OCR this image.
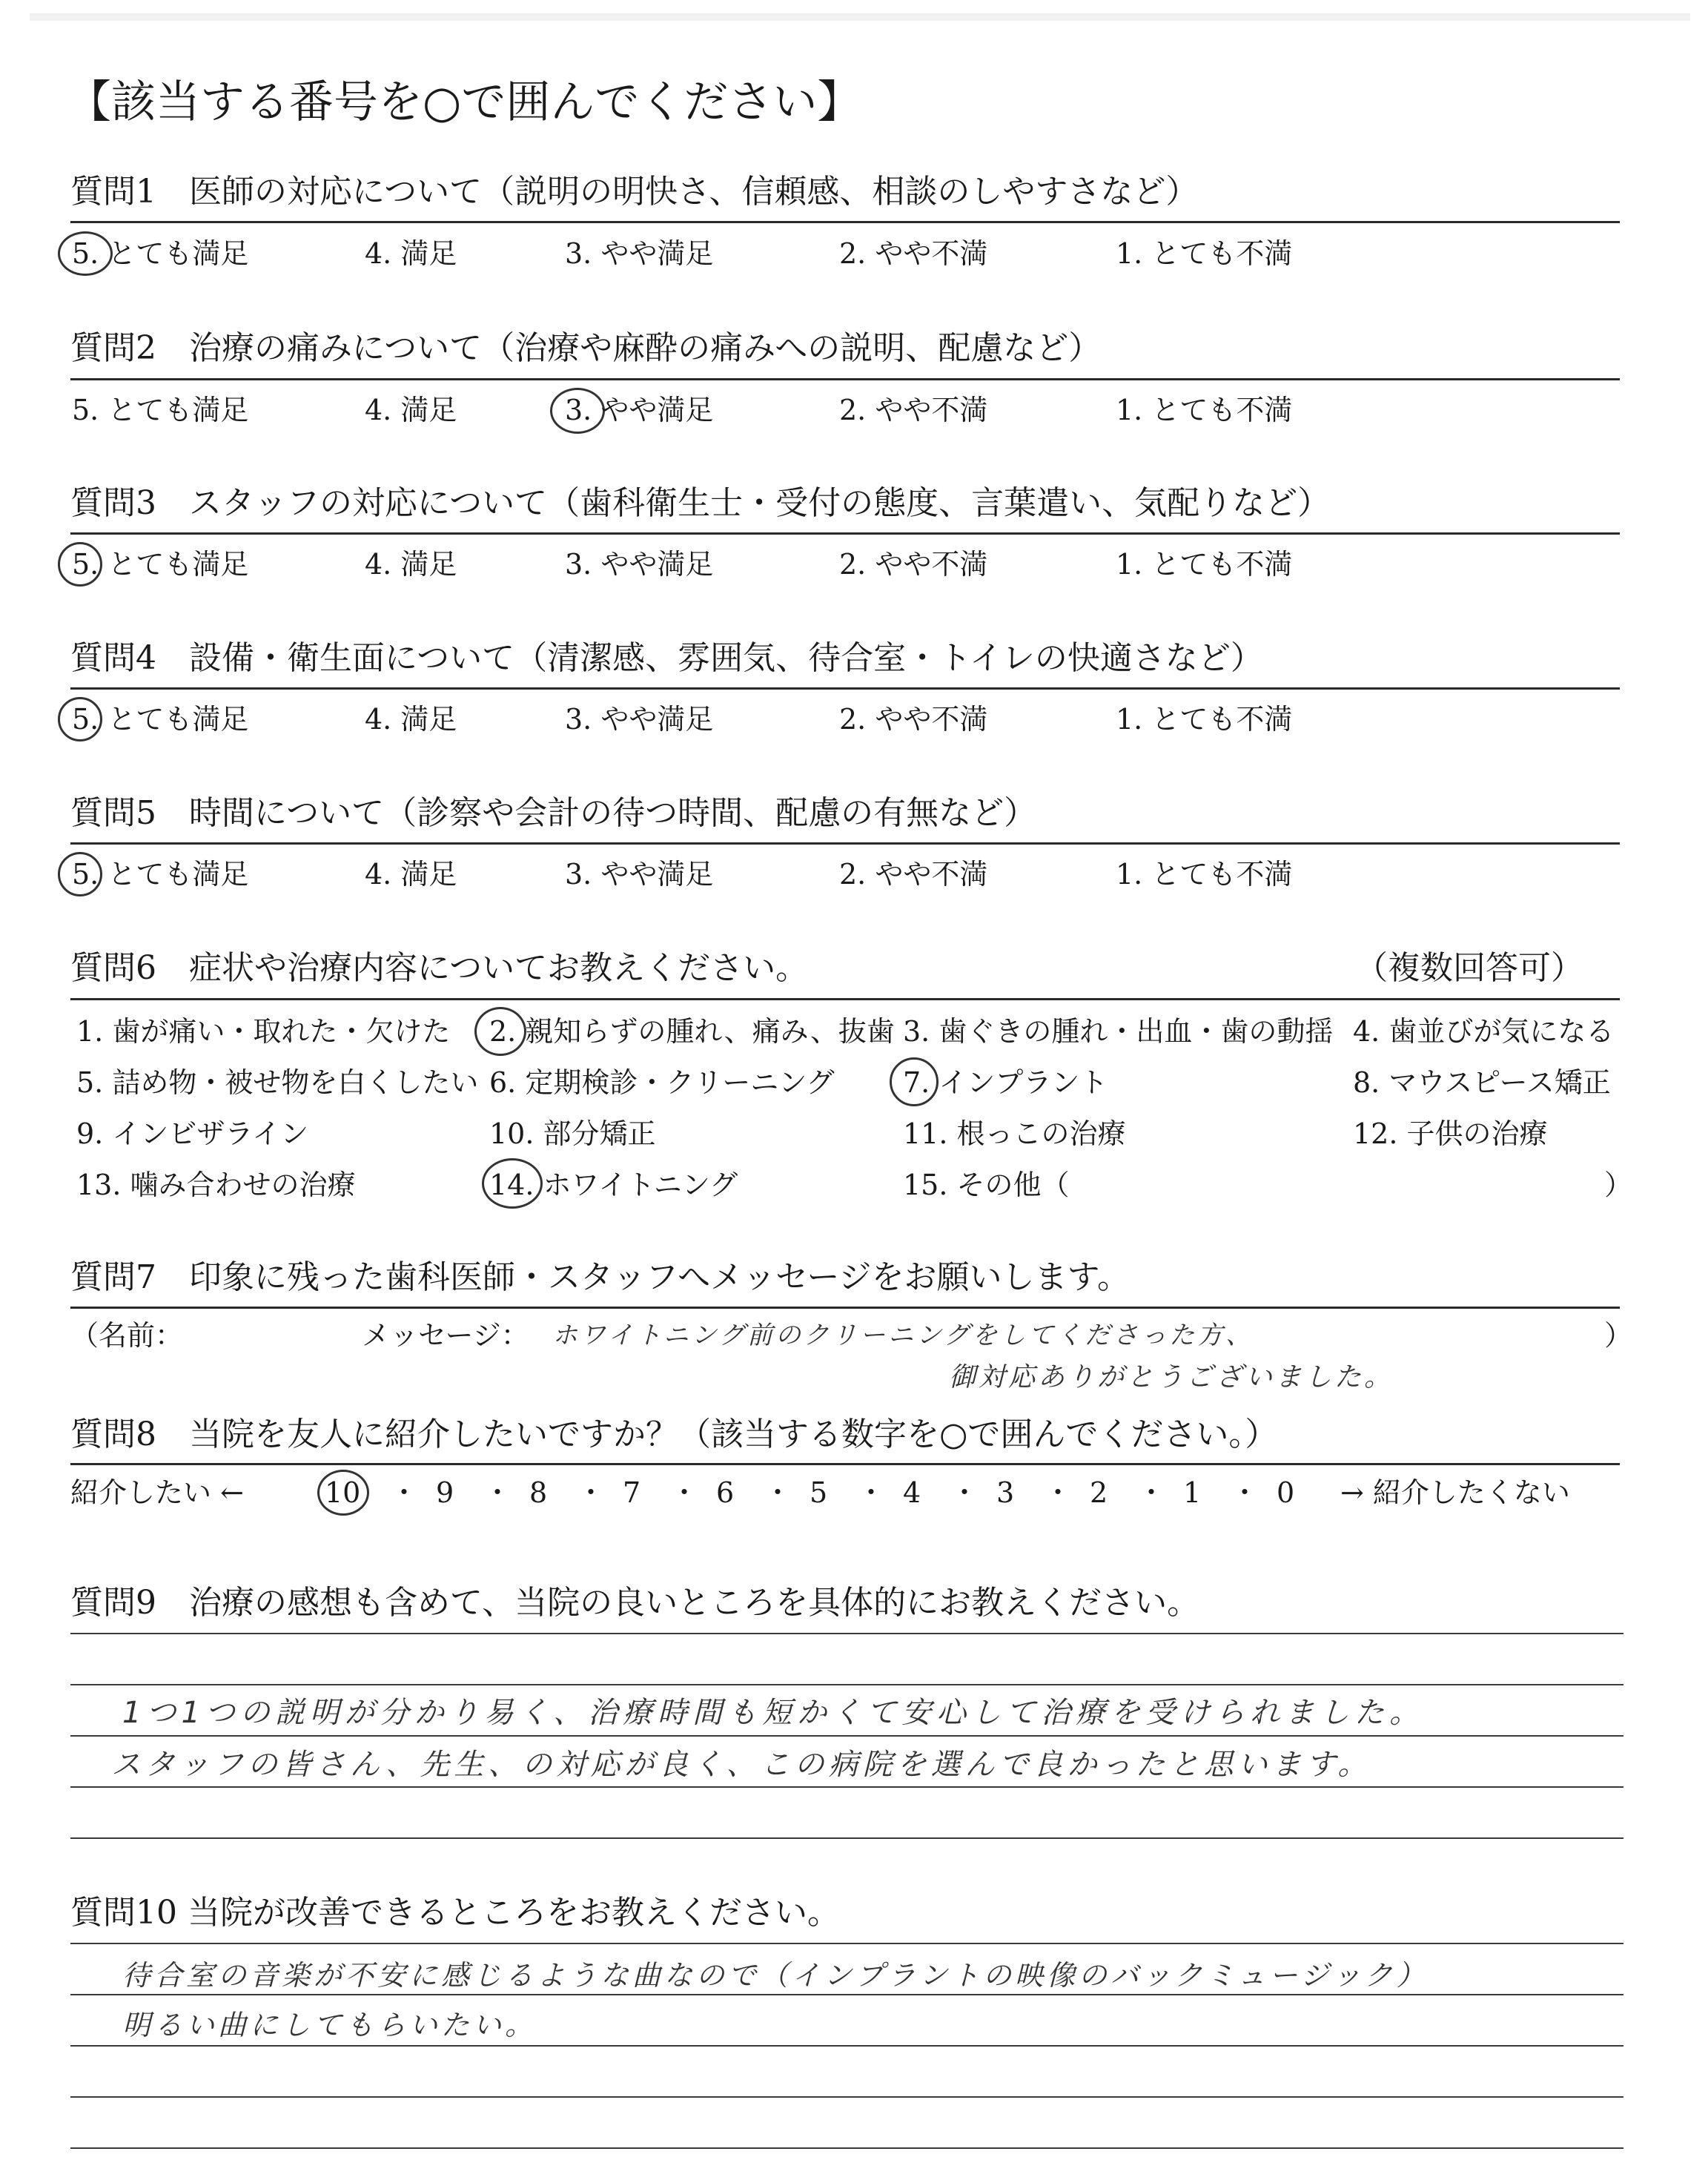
【該当する番号を○で囲んでください】
質問1　医師の対応について（説明の明快さ、信頼感、相談のしやすさなど）
5. とても満足	4. 満足	3. やや満足	2. やや不満	1. とても不満
質問2　治療の痛みについて（治療や麻酔の痛みへの説明、配慮など）
5. とても満足	4. 満足	3. やや満足	2. やや不満	1. とても不満
質問3　スタッフの対応について（歯科衛生士・受付の態度、言葉遣い、気配りなど）
5. とても満足	4. 満足	3. やや満足	2. やや不満	1. とても不満
質問4　設備・衛生面について（清潔感、雰囲気、待合室・トイレの快適さなど）
5. とても満足	4. 満足	3. やや満足	2. やや不満	1. とても不満
質問5　時間について（診察や会計の待つ時間、配慮の有無など）
5. とても満足	4. 満足	3. やや満足	2. やや不満	1. とても不満
質問6　症状や治療内容についてお教えください。	（複数回答可）
1. 歯が痛い・取れた・欠けた 2. 親知らずの腫れ、痛み、抜歯 3. 歯ぐきの腫れ・出血・歯の動揺 4. 歯並びが気になる
5. 詰め物・被せ物を白くしたい 6. 定期検診・クリーニング 7. インプラント	8. マウスピース矯正
9. インビザライン	10. 部分矯正	11. 根っこの治療	12. 子供の治療
13. 噛み合わせの治療	14. ホワイトニング	15. その他（	）
質問7　印象に残った歯科医師・スタッフへメッセージをお願いします。
（名前：	メッセージ： ホワイトニング前のクリーニングをしてくださった方、	）
御対応ありがとうございました。
質問8　当院を友人に紹介したいですか？（該当する数字を○で囲んでください。）
紹介したい ←	10 ・ 9 ・ 8 ・ 7 ・ 6 ・ 5 ・ 4 ・ 3 ・ 2 ・ 1 ・ 0 → 紹介したくない
質問9　治療の感想も含めて、当院の良いところを具体的にお教えください。
1つ1つの説明が分かり易く、治療時間も短かくて安心して治療を受けられました。
スタッフの皆さん、先生、の対応が良く、この病院を選んで良かったと思います。
質問10 当院が改善できるところをお教えください。
待合室の音楽が不安に感じるような曲なので（インプラントの映像のバックミュージック）
明るい曲にしてもらいたい。
